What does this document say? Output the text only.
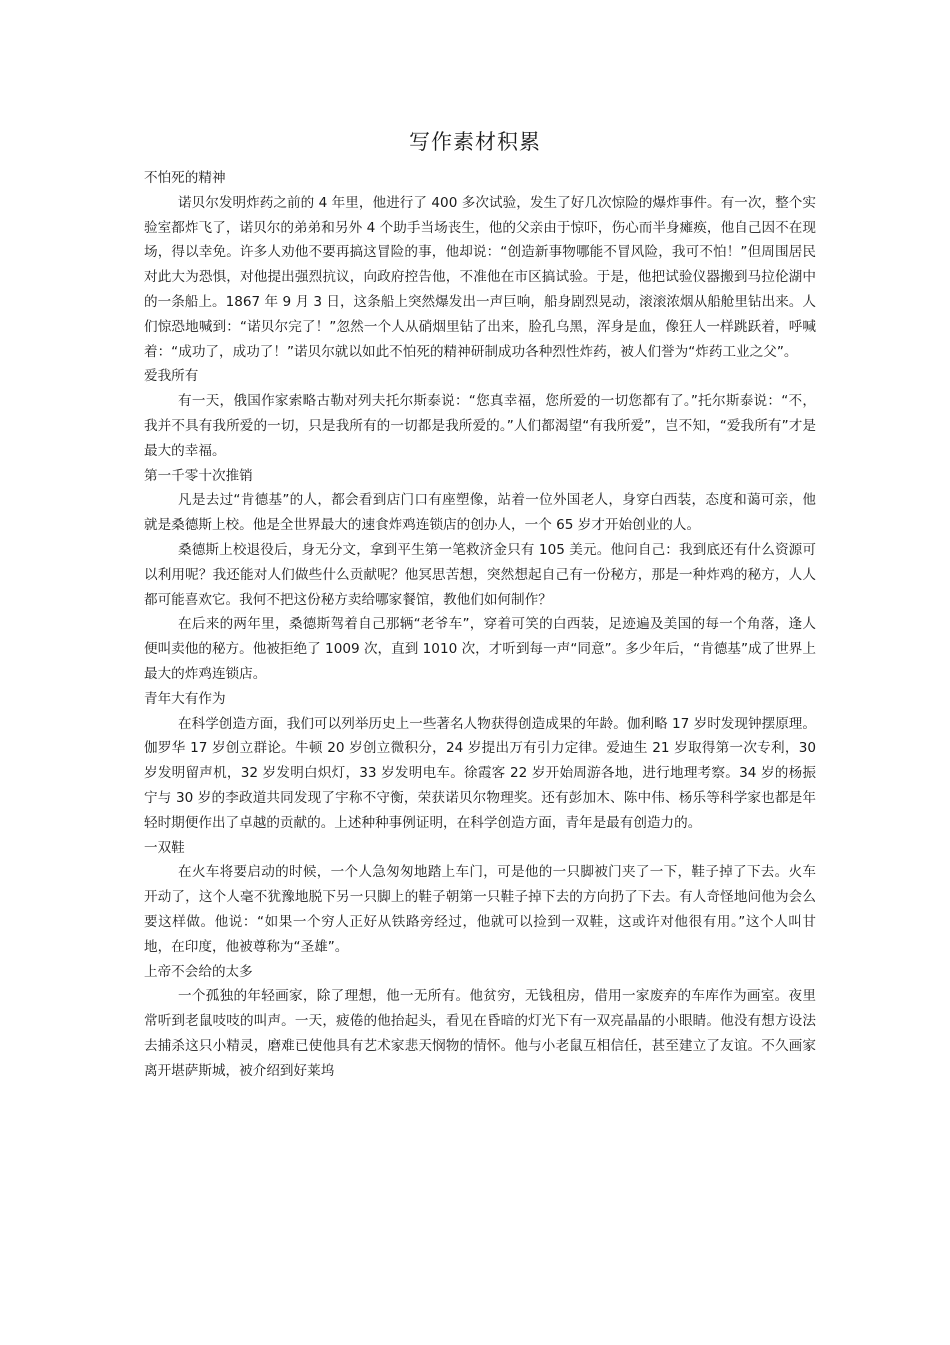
写作素材积累

不怕死的精神

诺贝尔发明炸药之前的 4 年里，他进行了 400 多次试验，发生了好几次惊险的爆炸事件。有一次，整个实验室都炸飞了，诺贝尔的弟弟和另外 4 个助手当场丧生，他的父亲由于惊吓，伤心而半身瘫痪，他自己因不在现场，得以幸免。许多人劝他不要再搞这冒险的事，他却说：“创造新事物哪能不冒风险，我可不怕！”但周围居民对此大为恐惧，对他提出强烈抗议，向政府控告他，不准他在市区搞试验。于是，他把试验仪器搬到马拉伦湖中的一条船上。1867 年 9 月 3 日，这条船上突然爆发出一声巨响，船身剧烈晃动，滚滚浓烟从船舱里钻出来。人们惊恐地喊到：“诺贝尔完了！”忽然一个人从硝烟里钻了出来，脸孔乌黑，浑身是血，像狂人一样跳跃着，呼喊着：“成功了，成功了！”诺贝尔就以如此不怕死的精神研制成功各种烈性炸药，被人们誉为“炸药工业之父”。

爱我所有

有一天，俄国作家索略古勒对列夫托尔斯泰说：“您真幸福，您所爱的一切您都有了。”托尔斯泰说：“不，我并不具有我所爱的一切，只是我所有的一切都是我所爱的。”人们都渴望“有我所爱”，岂不知，“爱我所有”才是最大的幸福。

第一千零十次推销

凡是去过“肯德基”的人，都会看到店门口有座塑像，站着一位外国老人，身穿白西装，态度和蔼可亲，他就是桑德斯上校。他是全世界最大的速食炸鸡连锁店的创办人，一个 65 岁才开始创业的人。

桑德斯上校退役后，身无分文，拿到平生第一笔救济金只有 105 美元。他问自己：我到底还有什么资源可以利用呢？我还能对人们做些什么贡献呢？他冥思苦想，突然想起自己有一份秘方，那是一种炸鸡的秘方，人人都可能喜欢它。我何不把这份秘方卖给哪家餐馆，教他们如何制作？

在后来的两年里，桑德斯驾着自己那辆“老爷车”，穿着可笑的白西装，足迹遍及美国的每一个角落，逢人便叫卖他的秘方。他被拒绝了 1009 次，直到 1010 次，才听到每一声“同意”。多少年后，“肯德基”成了世界上最大的炸鸡连锁店。

青年大有作为

在科学创造方面，我们可以列举历史上一些著名人物获得创造成果的年龄。伽利略 17 岁时发现钟摆原理。伽罗华 17 岁创立群论。牛顿 20 岁创立微积分，24 岁提出万有引力定律。爱迪生 21 岁取得第一次专利，30 岁发明留声机，32 岁发明白炽灯，33 岁发明电车。徐霞客 22 岁开始周游各地，进行地理考察。34 岁的杨振宁与 30 岁的李政道共同发现了宇称不守衡，荣获诺贝尔物理奖。还有彭加木、陈中伟、杨乐等科学家也都是年轻时期便作出了卓越的贡献的。上述种种事例证明，在科学创造方面，青年是最有创造力的。

一双鞋

在火车将要启动的时候，一个人急匆匆地踏上车门，可是他的一只脚被门夹了一下，鞋子掉了下去。火车开动了，这个人毫不犹豫地脱下另一只脚上的鞋子朝第一只鞋子掉下去的方向扔了下去。有人奇怪地问他为会么要这样做。他说：“如果一个穷人正好从铁路旁经过，他就可以捡到一双鞋，这或许对他很有用。”这个人叫甘地，在印度，他被尊称为“圣雄”。

上帝不会给的太多

一个孤独的年轻画家，除了理想，他一无所有。他贫穷，无钱租房，借用一家废弃的车库作为画室。夜里常听到老鼠吱吱的叫声。一天，疲倦的他抬起头，看见在昏暗的灯光下有一双亮晶晶的小眼睛。他没有想方设法去捕杀这只小精灵，磨难已使他具有艺术家悲天悯物的情怀。他与小老鼠互相信任，甚至建立了友谊。不久画家离开堪萨斯城，被介绍到好莱坞
